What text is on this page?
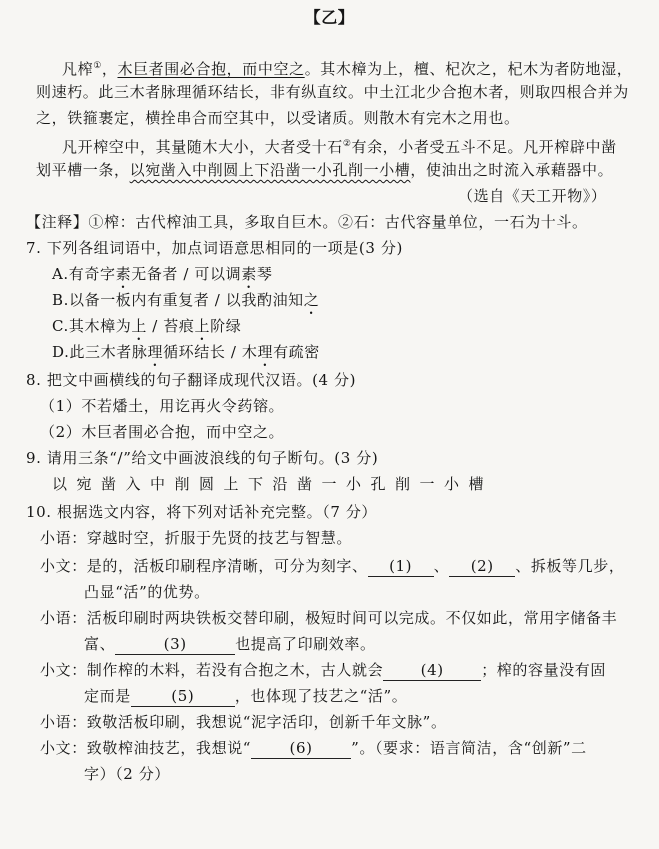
【乙】
凡榨①，木巨者围必合抱，而中空之。其木樟为上，檀、杞次之，杞木为者防地湿，
则速朽。此三木者脉理循环结长，非有纵直纹。中土江北少合抱木者，则取四根合并为
之，铁箍裹定，横拴串合而空其中，以受诸质。则散木有完木之用也。
凡开榨空中，其量随木大小，大者受十石②有余，小者受五斗不足。凡开榨辟中凿
划平槽一条，以宛凿入中削圆上下沿凿一小孔削一小槽，使油出之时流入承藉器中。
（选自《天工开物》）
【注释】①榨：古代榨油工具，多取自巨木。②石：古代容量单位，一石为十斗。
7. 下列各组词语中，加点词语意思相同的一项是(3 分)
A.有奇字素无备者 / 可以调素琴
B.以备一板内有重复者 / 以我酌油知之
C.其木樟为上 / 苔痕上阶绿
D.此三木者脉理循环结长 / 木理有疏密
8. 把文中画横线的句子翻译成现代汉语。(4 分)
（1）不若燔土，用讫再火令药镕。
（2）木巨者围必合抱，而中空之。
9. 请用三条“/”给文中画波浪线的句子断句。(3 分)
以宛凿入中削圆上下沿凿一小孔削一小槽
10. 根据选文内容，将下列对话补充完整。（7 分）
小语：穿越时空，折服于先贤的技艺与智慧。
小文：是的，活板印刷程序清晰，可分为刻字、 (1) 、 (2) 、拆板等几步，
凸显“活”的优势。
小语：活板印刷时两块铁板交替印刷，极短时间可以完成。不仅如此，常用字储备丰
富、	(3)	也提高了印刷效率。
小文：制作榨的木料，若没有合抱之木，古人就会 (4) ；榨的容量没有固
定而是	(5)	，也体现了技艺之“活”。
小语：致敬活板印刷，我想说“泥字活印，创新千年文脉”。
小文：致敬榨油技艺，我想说“	(6)	”。（要求：语言简洁，含“创新”二
字）（2 分）
